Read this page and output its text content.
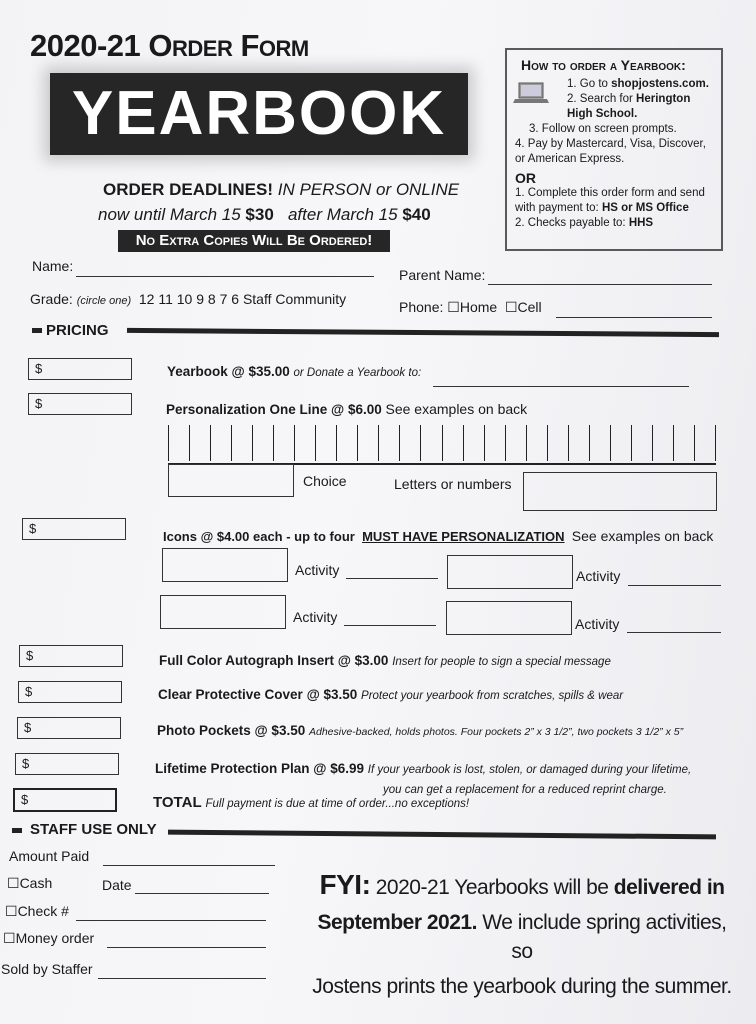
2020-21 Order Form
YEARBOOK
ORDER DEADLINES! IN PERSON or ONLINE
now until March 15 $30 after March 15 $40
No Extra Copies Will Be Ordered!
How to order a Yearbook:
1. Go to shopjostens.com.
2. Search for Herington High School.
3. Follow on screen prompts.
4. Pay by Mastercard, Visa, Discover, or American Express.
OR
1. Complete this order form and send with payment to: HS or MS Office
2. Checks payable to: HHS
Name:
Parent Name:
Grade: (circle one) 12 11 10 9 8 7 6 Staff Community	Phone: ☐Home ☐Cell
PRICING
$	Yearbook @ $35.00 or Donate a Yearbook to:
$	Personalization One Line @ $6.00 See examples on back
Choice	Letters or numbers
$
Icons @ $4.00 each - up to four MUST HAVE PERSONALIZATION See examples on back
Activity	Activity
Activity	Activity
$	Full Color Autograph Insert @ $3.00 Insert for people to sign a special message
$	Clear Protective Cover @ $3.50 Protect your yearbook from scratches, spills & wear
$	Photo Pockets @ $3.50 Adhesive-backed, holds photos. Four pockets 2” x 3 1/2”, two pockets 3 1/2” x 5”
$	Lifetime Protection Plan @ $6.99 If your yearbook is lost, stolen, or damaged during your lifetime,
you can get a replacement for a reduced reprint charge.
$	TOTAL Full payment is due at time of order...no exceptions!
STAFF USE ONLY
Amount Paid
☐Cash	Date
☐Check #
☐Money order
Sold by Staffer
FYI: 2020-21 Yearbooks will be delivered in
September 2021. We include spring activities, so
Jostens prints the yearbook during the summer.
